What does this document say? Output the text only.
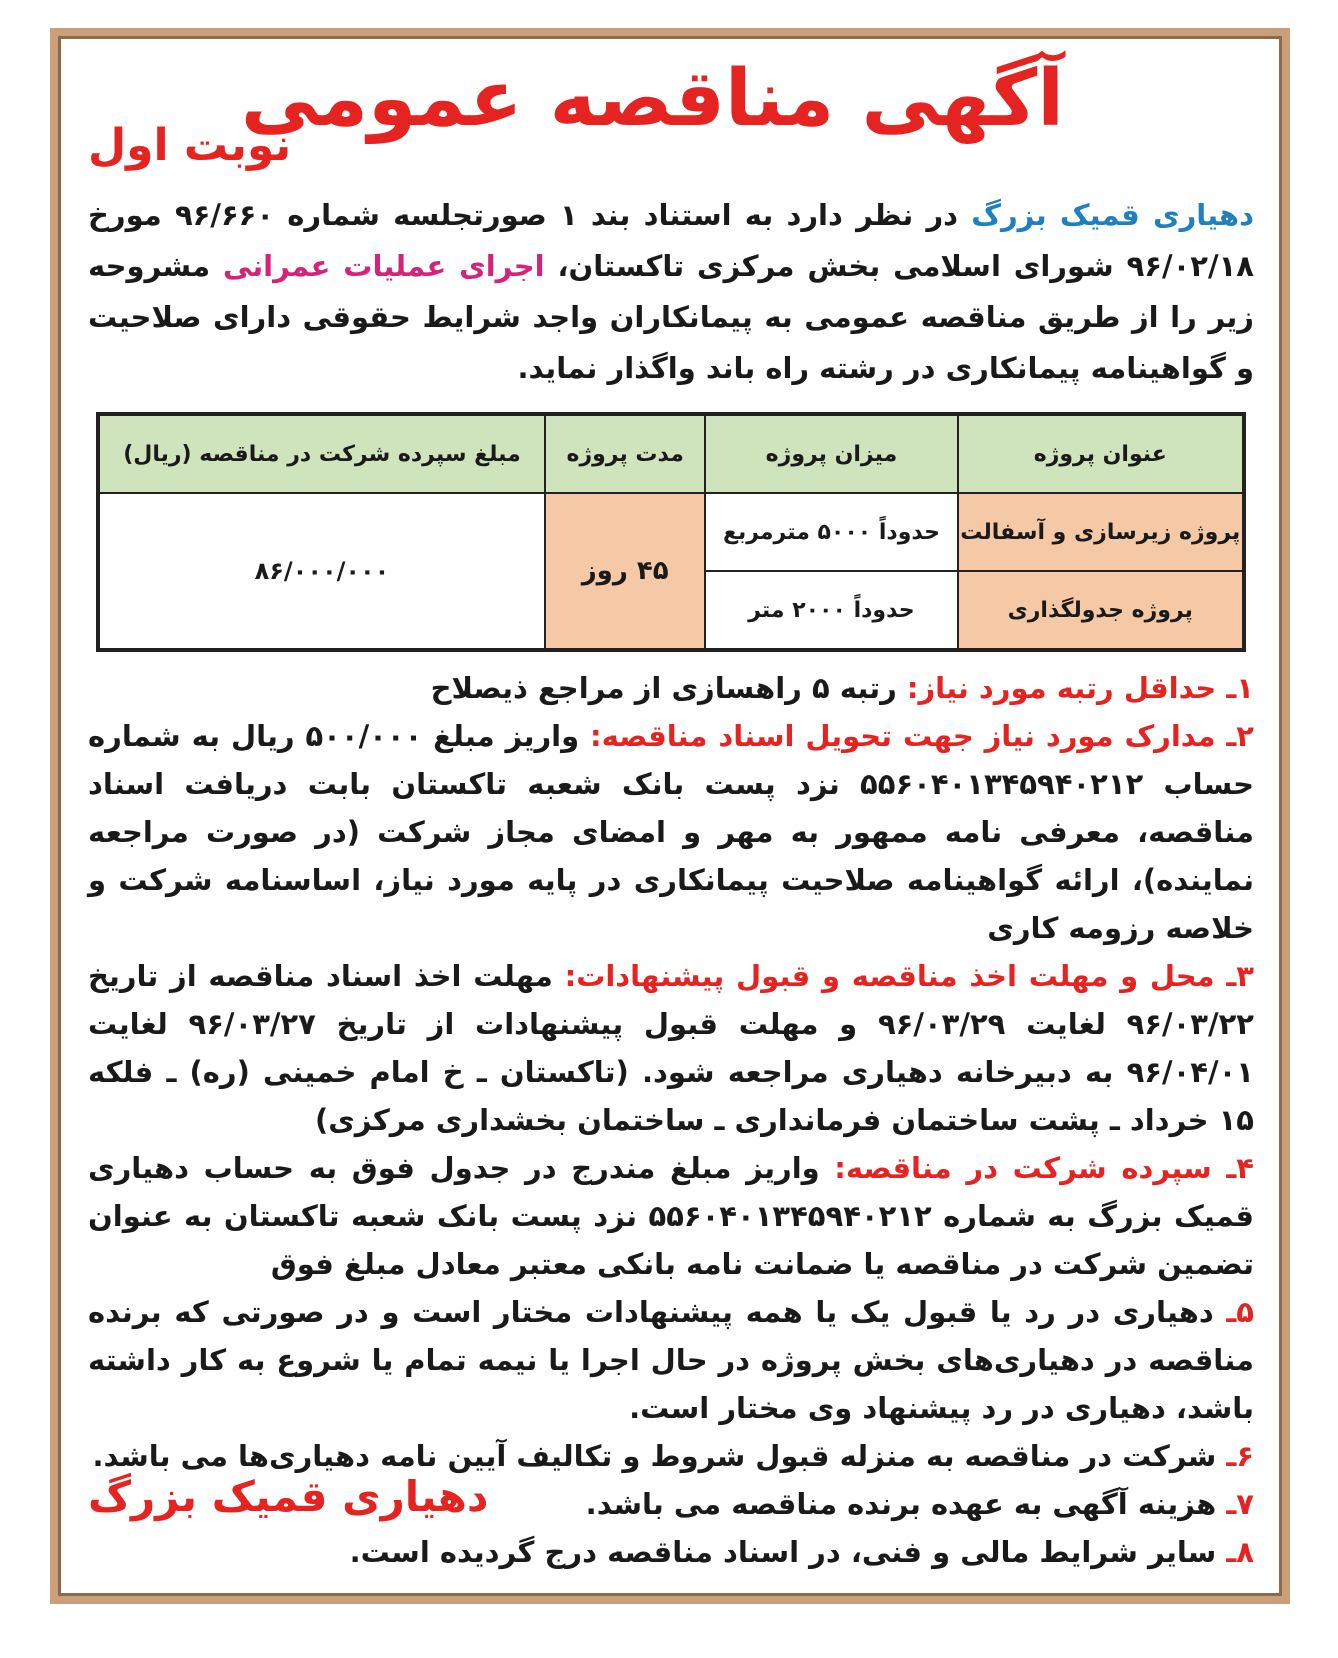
آگهی مناقصه عمومی
نوبت اول

دهیاری قمیک بزرگ در نظر دارد به استناد بند ۱ صورتجلسه شماره ۹۶/۶۶۰ مورخ ۹۶/۰۲/۱۸ شورای اسلامی بخش مرکزی تاکستان، اجرای عملیات عمرانی مشروحه زیر را از طریق مناقصه عمومی به پیمانکاران واجد شرایط حقوقی دارای صلاحیت و گواهینامه پیمانکاری در رشته راه باند واگذار نماید.

عنوان پروژه	میزان پروژه	مدت پروژه	مبلغ سپرده شرکت در مناقصه (ریال)
پروژه زیرسازی و آسفالت	حدوداً ۵۰۰۰ مترمربع	۴۵ روز	۸۶/۰۰۰/۰۰۰
پروژه جدولگذاری	حدوداً ۲۰۰۰ متر		

۱ـ حداقل رتبه مورد نیاز: رتبه ۵ راهسازی از مراجع ذیصلاح

۲ـ مدارک مورد نیاز جهت تحویل اسناد مناقصه: واریز مبلغ ۵۰۰/۰۰۰ ریال به شماره حساب ۵۵۶۰۴۰۱۳۴۵۹۴۰۲۱۲ نزد پست بانک شعبه تاکستان بابت دریافت اسناد مناقصه، معرفی نامه ممهور به مهر و امضای مجاز شرکت (در صورت مراجعه نماینده)، ارائه گواهینامه صلاحیت پیمانکاری در پایه مورد نیاز، اساسنامه شرکت و خلاصه رزومه کاری

۳ـ محل و مهلت اخذ مناقصه و قبول پیشنهادات: مهلت اخذ اسناد مناقصه از تاریخ ۹۶/۰۳/۲۲ لغایت ۹۶/۰۳/۲۹ و مهلت قبول پیشنهادات از تاریخ ۹۶/۰۳/۲۷ لغایت ۹۶/۰۴/۰۱ به دبیرخانه دهیاری مراجعه شود. (تاکستان ـ خ امام خمینی (ره) ـ فلکه ۱۵ خرداد ـ پشت ساختمان فرمانداری ـ ساختمان بخشداری مرکزی)

۴ـ سپرده شرکت در مناقصه: واریز مبلغ مندرج در جدول فوق به حساب دهیاری قمیک بزرگ به شماره ۵۵۶۰۴۰۱۳۴۵۹۴۰۲۱۲ نزد پست بانک شعبه تاکستان به عنوان تضمین شرکت در مناقصه یا ضمانت نامه بانکی معتبر معادل مبلغ فوق

۵ـ دهیاری در رد یا قبول یک یا همه پیشنهادات مختار است و در صورتی که برنده مناقصه در دهیاری‌های بخش پروژه در حال اجرا یا نیمه تمام یا شروع به کار داشته باشد، دهیاری در رد پیشنهاد وی مختار است.

۶ـ شرکت در مناقصه به منزله قبول شروط و تکالیف آیین نامه دهیاری‌ها می باشد.

۷ـ هزینه آگهی به عهده برنده مناقصه می باشد.

۸ـ سایر شرایط مالی و فنی، در اسناد مناقصه درج گردیده است.

دهیاری قمیک بزرگ
